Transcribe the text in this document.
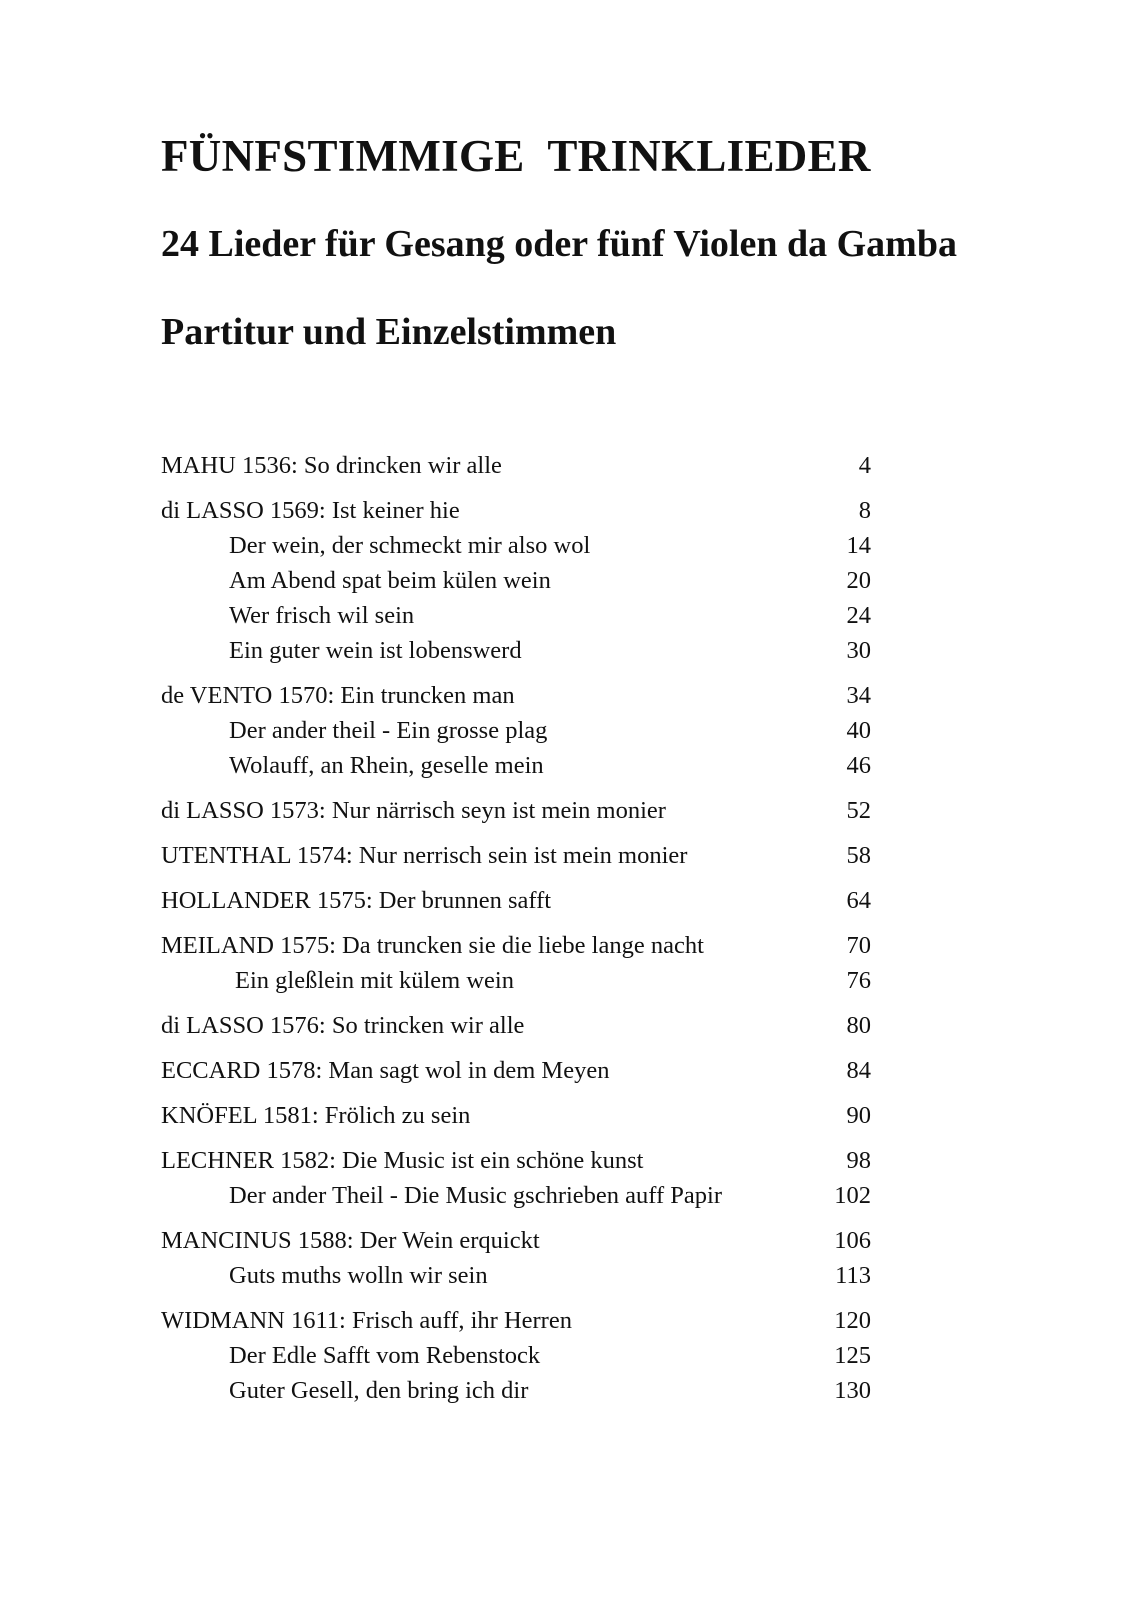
FÜNFSTIMMIGE TRINKLIEDER
24 Lieder für Gesang oder fünf Violen da Gamba
Partitur und Einzelstimmen
MAHU 1536: So drincken wir alle	4
di LASSO 1569: Ist keiner hie	8
Der wein, der schmeckt mir also wol	14
Am Abend spat beim külen wein	20
Wer frisch wil sein	24
Ein guter wein ist lobenswerd	30
de VENTO 1570: Ein truncken man	34
Der ander theil - Ein grosse plag	40
Wolauff, an Rhein, geselle mein	46
di LASSO 1573: Nur närrisch seyn ist mein monier	52
UTENTHAL 1574: Nur nerrisch sein ist mein monier	58
HOLLANDER 1575: Der brunnen safft	64
MEILAND 1575: Da truncken sie die liebe lange nacht	70
Ein gleßlein mit külem wein	76
di LASSO 1576: So trincken wir alle	80
ECCARD 1578: Man sagt wol in dem Meyen	84
KNÖFEL 1581: Frölich zu sein	90
LECHNER 1582: Die Music ist ein schöne kunst	98
Der ander Theil - Die Music gschrieben auff Papir	102
MANCINUS 1588: Der Wein erquickt	106
Guts muths wolln wir sein	113
WIDMANN 1611: Frisch auff, ihr Herren	120
Der Edle Safft vom Rebenstock	125
Guter Gesell, den bring ich dir	130
